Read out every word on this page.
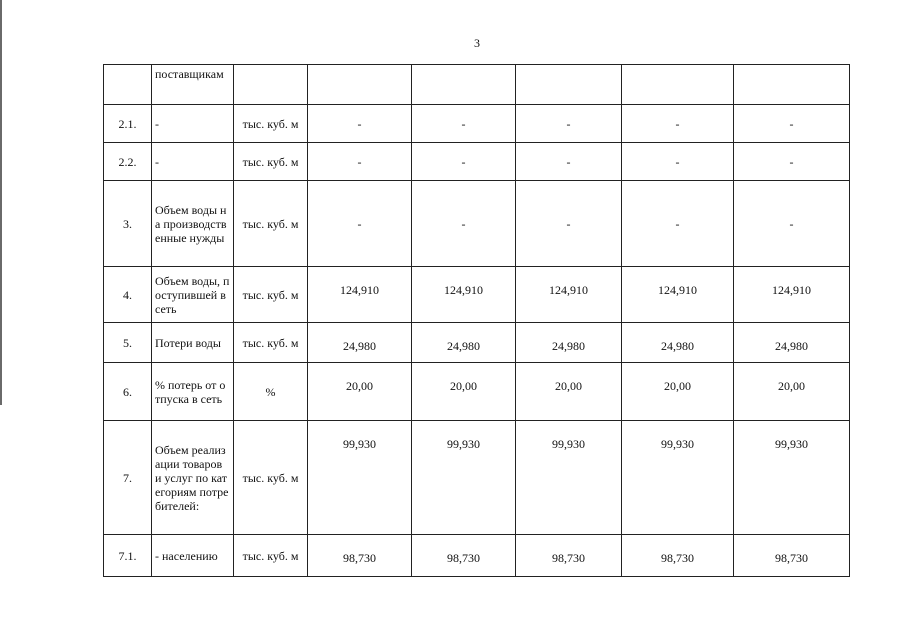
3

	поставщикам						

2.1.	-	тыс. куб. м	-	-	-	-	-
2.2.	-	тыс. куб. м	-	-	-	-	-
3.	Объем воды на производственные нужды	тыс. куб. м	-	-	-	-	-
4.	Объем воды, поступившей в сеть	тыс. куб. м	124,910	124,910	124,910	124,910	124,910
5.	Потери воды	тыс. куб. м	24,980	24,980	24,980	24,980	24,980
6.	% потерь от отпуска в сеть	%	20,00	20,00	20,00	20,00	20,00
7.	Объем реализации товаров и услуг по категориям потребителей:	тыс. куб. м	99,930	99,930	99,930	99,930	99,930
7.1.	- населению	тыс. куб. м	98,730	98,730	98,730	98,730	98,730
